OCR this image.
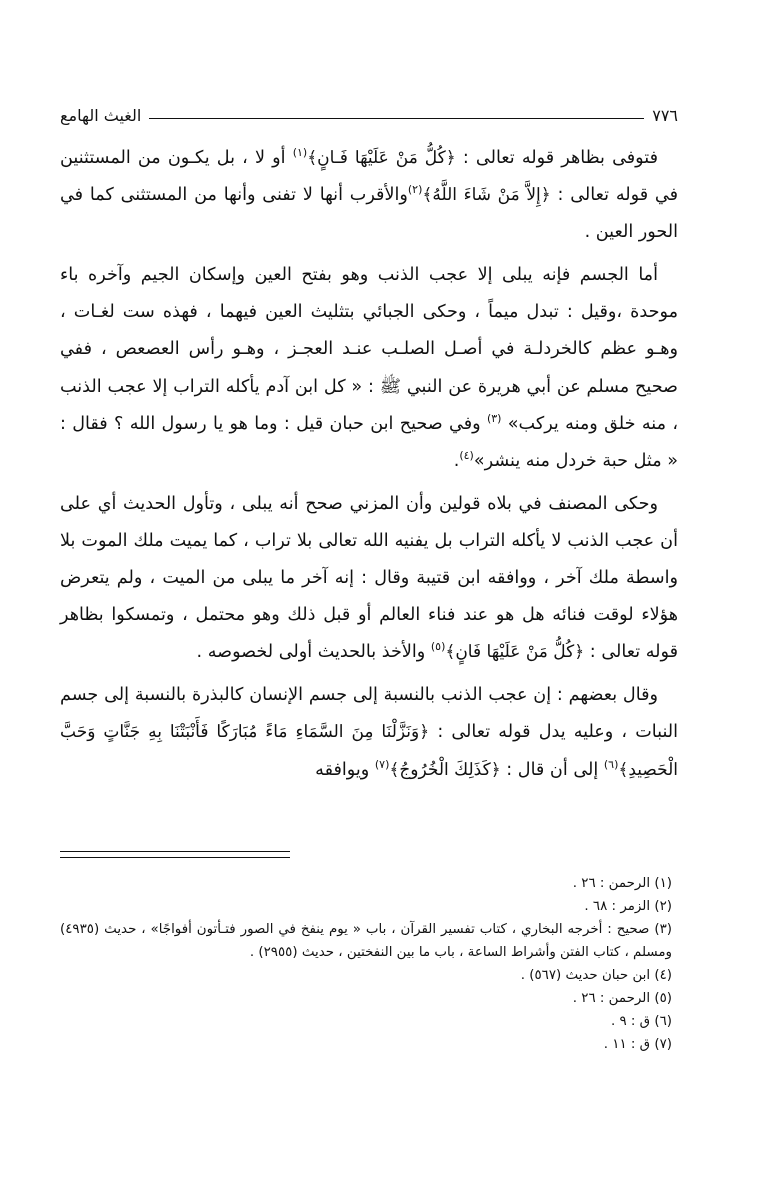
الغيث الهامع	٧٧٦

فتوفى بظاهر قوله تعالى : ﴿كُلُّ مَنْ عَلَيْهَا فَـانٍ﴾$^{(١)}$ أو لا ، بل يكـون من المستثنين في قوله تعالى : ﴿إِلاَّ مَنْ شَاءَ اللَّهُ﴾$^{(٢)}$والأقرب أنها لا تفنى وأنها من المستثنى كما في الحور العين .

أما الجسم فإنه يبلى إلا عجب الذنب وهو بفتح العين وإسكان الجيم وآخره باء موحدة ،وقيل : تبدل ميماً ، وحكى الجبائي بتثليث العين فيهما ، فهذه ست لغـات ، وهـو عظم كالخردلـة في أصـل الصلـب عنـد العجـز ، وهـو رأس العصعص ، ففي صحيح مسلم عن أبي هريرة عن النبي ﷺ : « كل ابن آدم يأكله التراب إلا عجب الذنب ، منه خلق ومنه يركب» $^{(٣)}$ وفي صحيح ابن حبان قيل : وما هو يا رسول الله ؟ فقال : « مثل حبة خردل منه ينشر»$^{(٤)}$.

وحكى المصنف في بلاه قولين وأن المزني صحح أنه يبلى ، وتأول الحديث أي على أن عجب الذنب لا يأكله التراب بل يفنيه الله تعالى بلا تراب ، كما يميت ملك الموت بلا واسطة ملك آخر ، ووافقه ابن قتيبة وقال : إنه آخر ما يبلى من الميت ، ولم يتعرض هؤلاء لوقت فنائه هل هو عند فناء العالم أو قبل ذلك وهو محتمل ، وتمسكوا بظاهر قوله تعالى : ﴿كُلُّ مَنْ عَلَيْهَا فَانٍ﴾$^{(٥)}$ والأخذ بالحديث أولى لخصوصه .

وقال بعضهم : إن عجب الذنب بالنسبة إلى جسم الإنسان كالبذرة بالنسبة إلى جسم النبات ، وعليه يدل قوله تعالى : ﴿وَنَزَّلْنَا مِنَ السَّمَاءِ مَاءً مُبَارَكًا فَأَنْبَتْنَا بِهِ جَنَّاتٍ وَحَبَّ الْحَصِيدِ﴾$^{(٦)}$ إلى أن قال : ﴿كَذَلِكَ الْخُرُوجُ﴾$^{(٧)}$ ويوافقه

(١) الرحمن : ٢٦ .

(٢) الزمر : ٦٨ .

(٣) صحيح : أخرجه البخاري ، كتاب تفسير القرآن ، باب « يوم ينفخ في الصور فتـأتون أفواجًا» ، حديث (٤٩٣٥) ومسلم ، كتاب الفتن وأشراط الساعة ، باب ما بين النفختين ، حديث (٢٩٥٥) .

(٤) ابن حبان حديث (٥٦٧) .

(٥) الرحمن : ٢٦ .

(٦) ق : ٩ .

(٧) ق : ١١ .
